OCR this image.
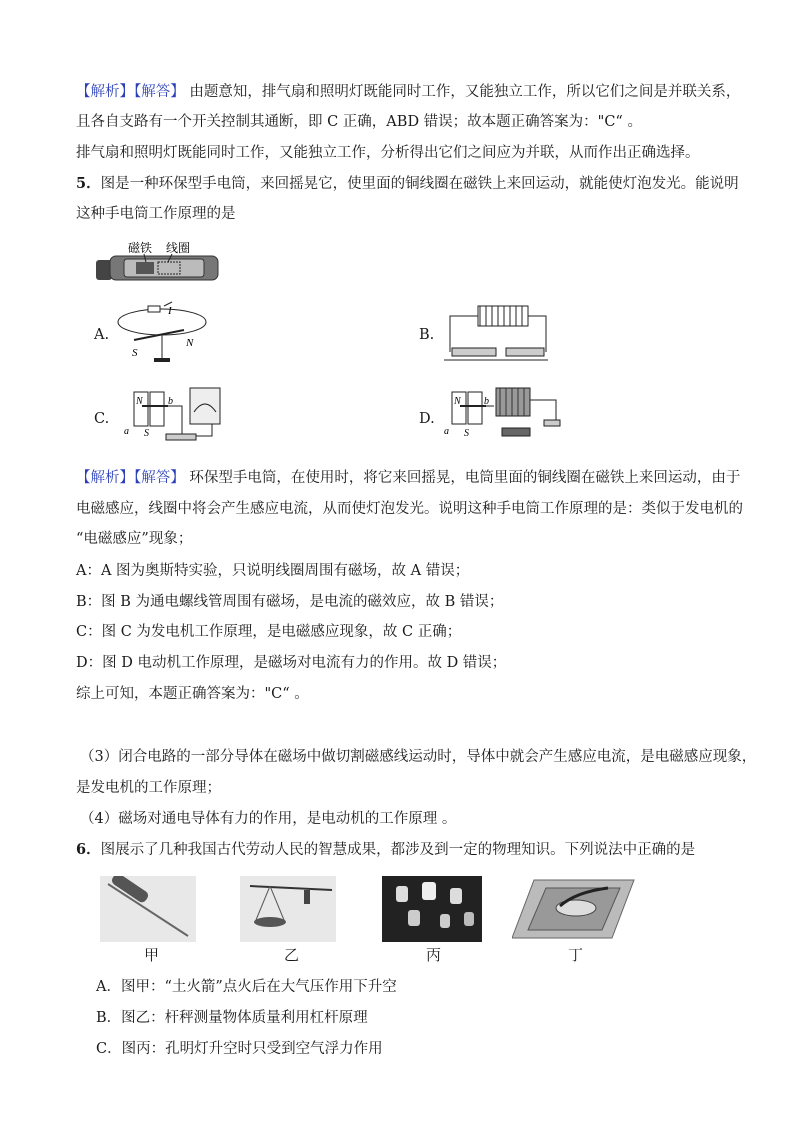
【解析】【解答】 由题意知，排气扇和照明灯既能同时工作，又能独立工作，所以它们之间是并联关系，
且各自支路有一个开关控制其通断，即 C 正确，ABD 错误；故本题正确答案为："C“ 。
排气扇和照明灯既能同时工作，又能独立工作，分析得出它们之间应为并联，从而作出正确选择。
5．图是一种环保型手电筒，来回摇晃它，使里面的铜线圈在磁铁上来回运动，就能使灯泡发光。能说明
这种手电筒工作原理的是
磁铁 线圈
A.
I
S
N	B.
C.
N	b
a S
D.
N b
a S
【解析】【解答】 环保型手电筒，在使用时，将它来回摇晃，电筒里面的铜线圈在磁铁上来回运动，由于
电磁感应，线圈中将会产生感应电流，从而使灯泡发光。说明这种手电筒工作原理的是：类似于发电机的
“电磁感应”现象；
A：A 图为奥斯特实验，只说明线圈周围有磁场，故 A 错误；
B：图 B 为通电螺线管周围有磁场，是电流的磁效应，故 B 错误；
C：图 C 为发电机工作原理，是电磁感应现象，故 C 正确；
D：图 D 电动机工作原理，是磁场对电流有力的作用。故 D 错误；
综上可知，本题正确答案为："C“ 。
（3）闭合电路的一部分导体在磁场中做切割磁感线运动时，导体中就会产生感应电流，是电磁感应现象，
是发电机的工作原理；
（4）磁场对通电导体有力的作用，是电动机的工作原理 。
6．图展示了几种我国古代劳动人民的智慧成果，都涉及到一定的物理知识。下列说法中正确的是
甲	乙	丙	丁
A．图甲：“土火箭”点火后在大气压作用下升空
B．图乙：杆秤测量物体质量利用杠杆原理
C．图丙：孔明灯升空时只受到空气浮力作用
